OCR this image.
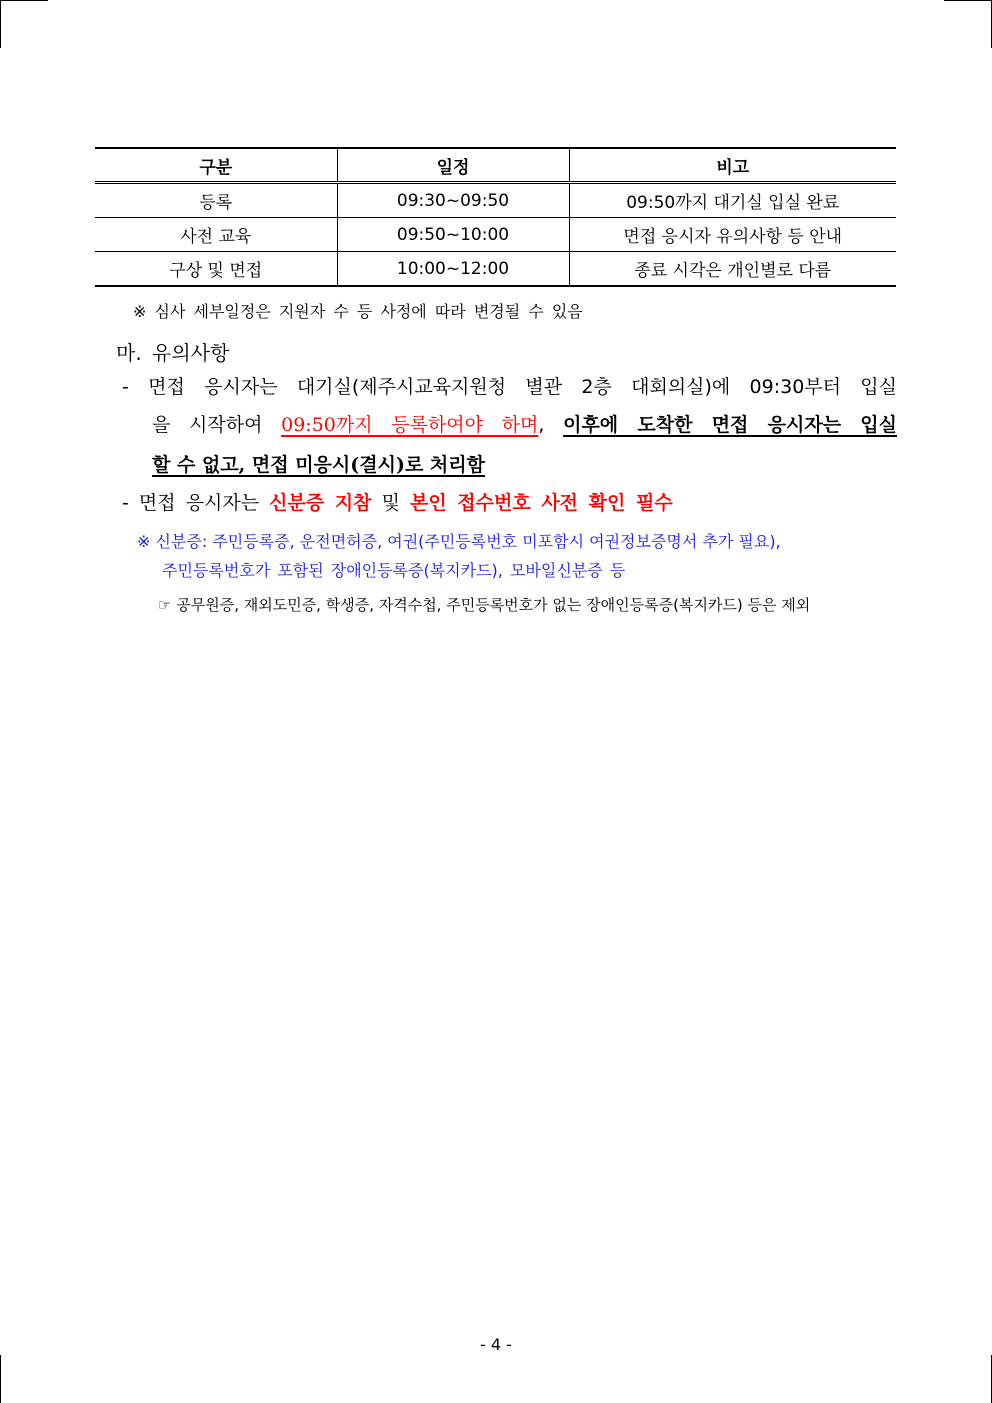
구분	일정	비고
등록	09:30~09:50	09:50까지 대기실 입실 완료
사전 교육	09:50~10:00	면접 응시자 유의사항 등 안내
구상 및 면접	10:00~12:00	종료 시각은 개인별로 다름
※ 심사 세부일정은 지원자 수 등 사정에 따라 변경될 수 있음
마. 유의사항
- 면접 응시자는 대기실(제주시교육지원청 별관 2층 대회의실)에 09:30부터 입실
을 시작하여 09:50까지 등록하여야 하며, 이후에 도착한 면접 응시자는 입실
할 수 없고, 면접 미응시(결시)로 처리함
- 면접 응시자는 신분증 지참 및 본인 접수번호 사전 확인 필수
※ 신분증: 주민등록증, 운전면허증, 여권(주민등록번호 미포함시 여권정보증명서 추가 필요),
주민등록번호가 포함된 장애인등록증(복지카드), 모바일신분증 등
☞ 공무원증, 재외도민증, 학생증, 자격수첩, 주민등록번호가 없는 장애인등록증(복지카드) 등은 제외
- 4 -
